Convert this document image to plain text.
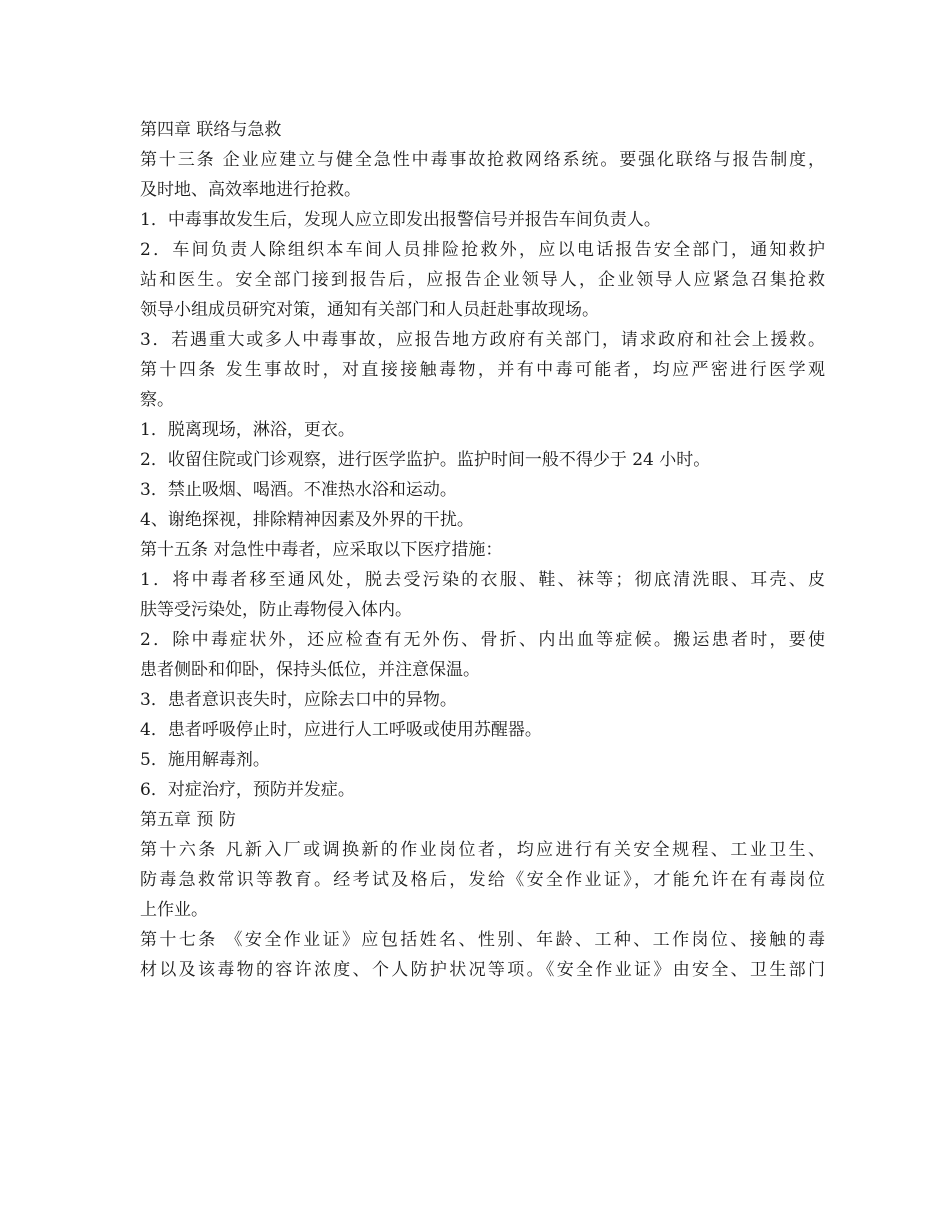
第四章 联络与急救
第十三条 企业应建立与健全急性中毒事故抢救网络系统。要强化联络与报告制度，
及时地、高效率地进行抢救。
1．中毒事故发生后，发现人应立即发出报警信号并报告车间负责人。
2．车间负责人除组织本车间人员排险抢救外，应以电话报告安全部门，通知救护
站和医生。安全部门接到报告后，应报告企业领导人，企业领导人应紧急召集抢救
领导小组成员研究对策，通知有关部门和人员赶赴事故现场。
3．若遇重大或多人中毒事故，应报告地方政府有关部门，请求政府和社会上援救。
第十四条 发生事故时，对直接接触毒物，并有中毒可能者，均应严密进行医学观
察。
1．脱离现场，淋浴，更衣。
2．收留住院或门诊观察，进行医学监护。监护时间一般不得少于 24 小时。
3．禁止吸烟、喝酒。不准热水浴和运动。
4、谢绝探视，排除精神因素及外界的干扰。
第十五条 对急性中毒者，应采取以下医疗措施：
1．将中毒者移至通风处，脱去受污染的衣服、鞋、袜等；彻底清洗眼、耳壳、皮
肤等受污染处，防止毒物侵入体内。
2．除中毒症状外，还应检查有无外伤、骨折、内出血等症候。搬运患者时，要使
患者侧卧和仰卧，保持头低位，并注意保温。
3．患者意识丧失时，应除去口中的异物。
4．患者呼吸停止时，应进行人工呼吸或使用苏醒器。
5．施用解毒剂。
6．对症治疗，预防并发症。
第五章 预 防
第十六条 凡新入厂或调换新的作业岗位者，均应进行有关安全规程、工业卫生、
防毒急救常识等教育。经考试及格后，发给《安全作业证》，才能允许在有毒岗位
上作业。
第十七条 《安全作业证》应包括姓名、性别、年龄、工种、工作岗位、接触的毒
材以及该毒物的容许浓度、个人防护状况等项。《安全作业证》由安全、卫生部门
